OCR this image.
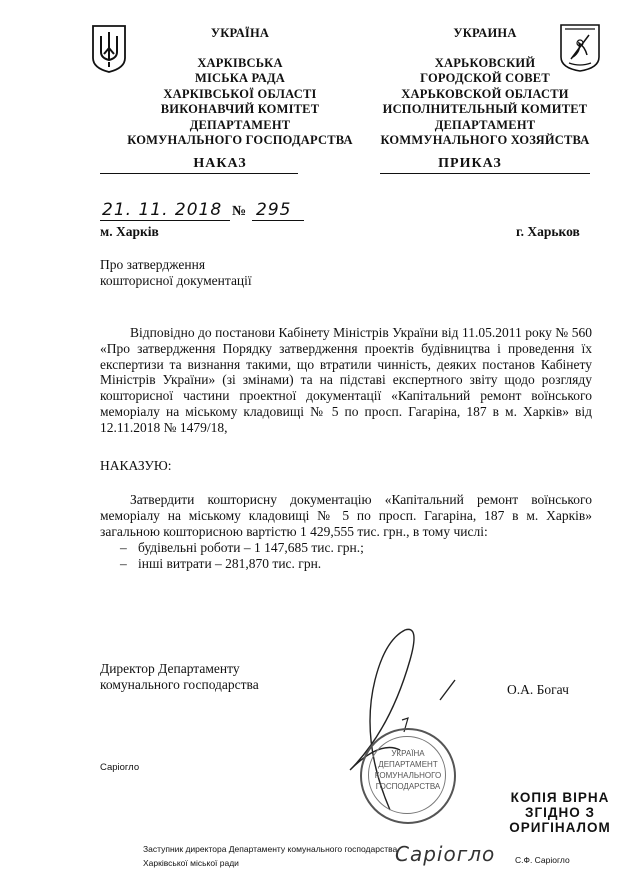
УКРАЇНА
ХАРКІВСЬКА
МІСЬКА РАДА
ХАРКІВСЬКОЇ ОБЛАСТІ
ВИКОНАВЧИЙ КОМІТЕТ
ДЕПАРТАМЕНТ
КОМУНАЛЬНОГО ГОСПОДАРСТВА
УКРАИНА
ХАРЬКОВСКИЙ
ГОРОДСКОЙ СОВЕТ
ХАРЬКОВСКОЙ ОБЛАСТИ
ИСПОЛНИТЕЛЬНЫЙ КОМИТЕТ
ДЕПАРТАМЕНТ
КОММУНАЛЬНОГО ХОЗЯЙСТВА
НАКАЗ	ПРИКАЗ
21. 11. 2018 № 295
м. Харків	г. Харьков
Про затвердження
кошторисної документації
Відповідно до постанови Кабінету Міністрів України від 11.05.2011 року № 560 «Про затвердження Порядку затвердження проектів будівництва і проведення їх експертизи та визнання такими, що втратили чинність, деяких постанов Кабінету Міністрів України» (зі змінами) та на підставі експертного звіту щодо розгляду кошторисної частини проектної документації «Капітальний ремонт воїнського меморіалу на міському кладовищі № 5 по просп. Гагаріна, 187 в м. Харків» від 12.11.2018 № 1479/18,
НАКАЗУЮ:
Затвердити кошторисну документацію «Капітальний ремонт воїнського меморіалу на міському кладовищі № 5 по просп. Гагаріна, 187 в м. Харків» загальною кошторисною вартістю 1 429,555 тис. грн., в тому числі:
– будівельні роботи – 1 147,685 тис. грн.;
– інші витрати – 281,870 тис. грн.
Директор Департаменту
комунального господарства	О.А. Богач
Саріогло
УКРАЇНА
ДЕПАРТАМЕНТ
КОМУНАЛЬНОГО
ГОСПОДАРСТВА
КОПІЯ ВІРНА
ЗГІДНО З
ОРИГІНАЛОМ
Заступник директора Департаменту комунального господарства
Харківської міської ради	Саріогло С.Ф. Саріогло
